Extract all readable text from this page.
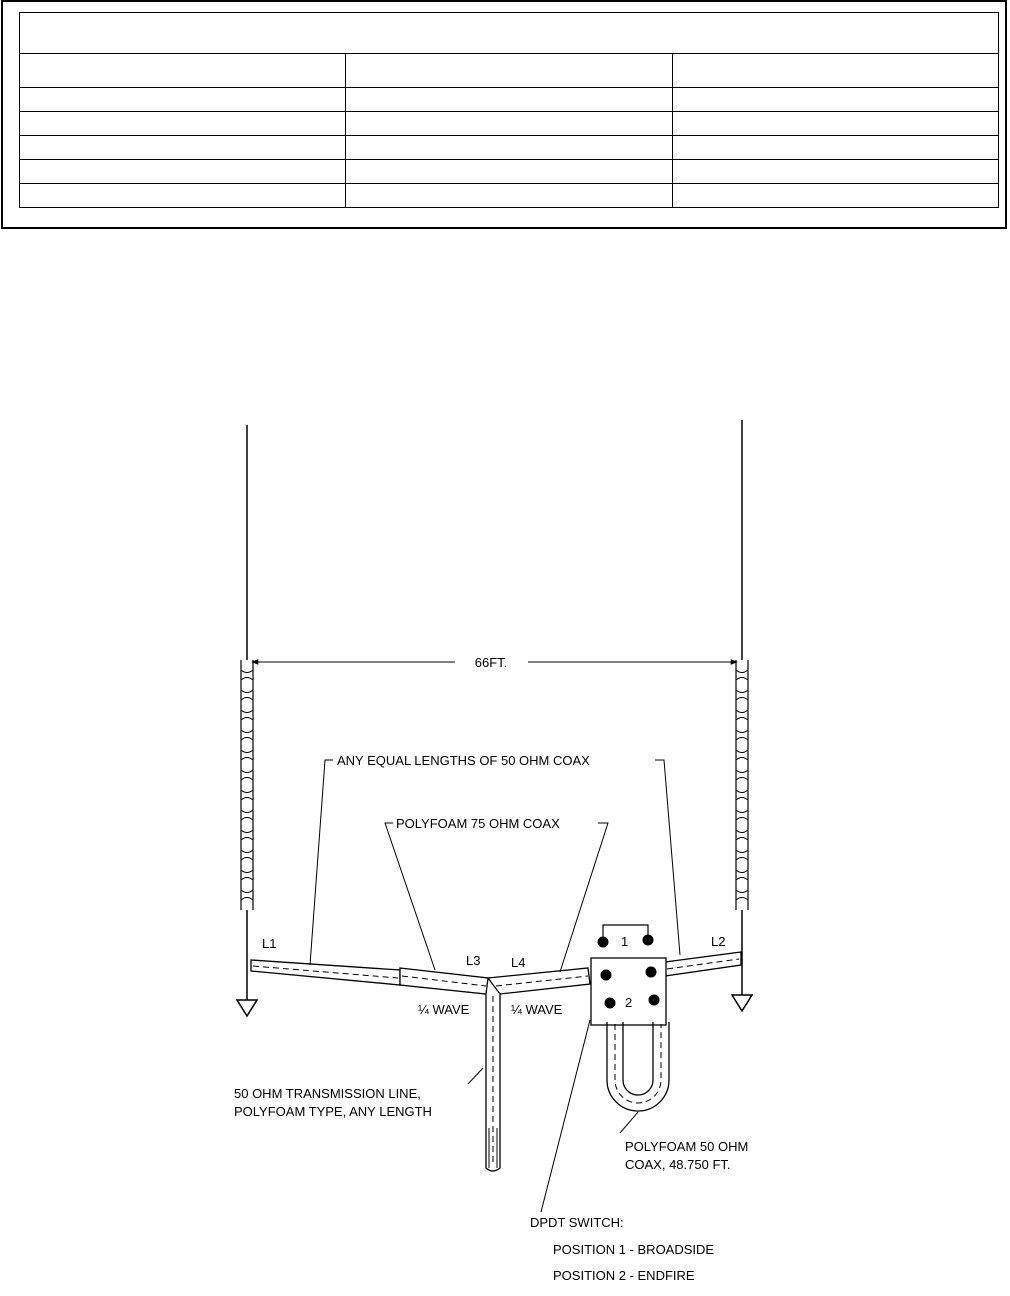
66FT.
1
2
ANY EQUAL LENGTHS OF 50 OHM COAX
POLYFOAM 75 OHM COAX
L1	L2
L3 L4
¼ WAVE	¼ WAVE
50 OHM TRANSMISSION LINE,
POLYFOAM TYPE, ANY LENGTH
POLYFOAM 50 OHM
COAX, 48.750 FT.
DPDT SWITCH:
POSITION 1 - BROADSIDE
POSITION 2 - ENDFIRE
